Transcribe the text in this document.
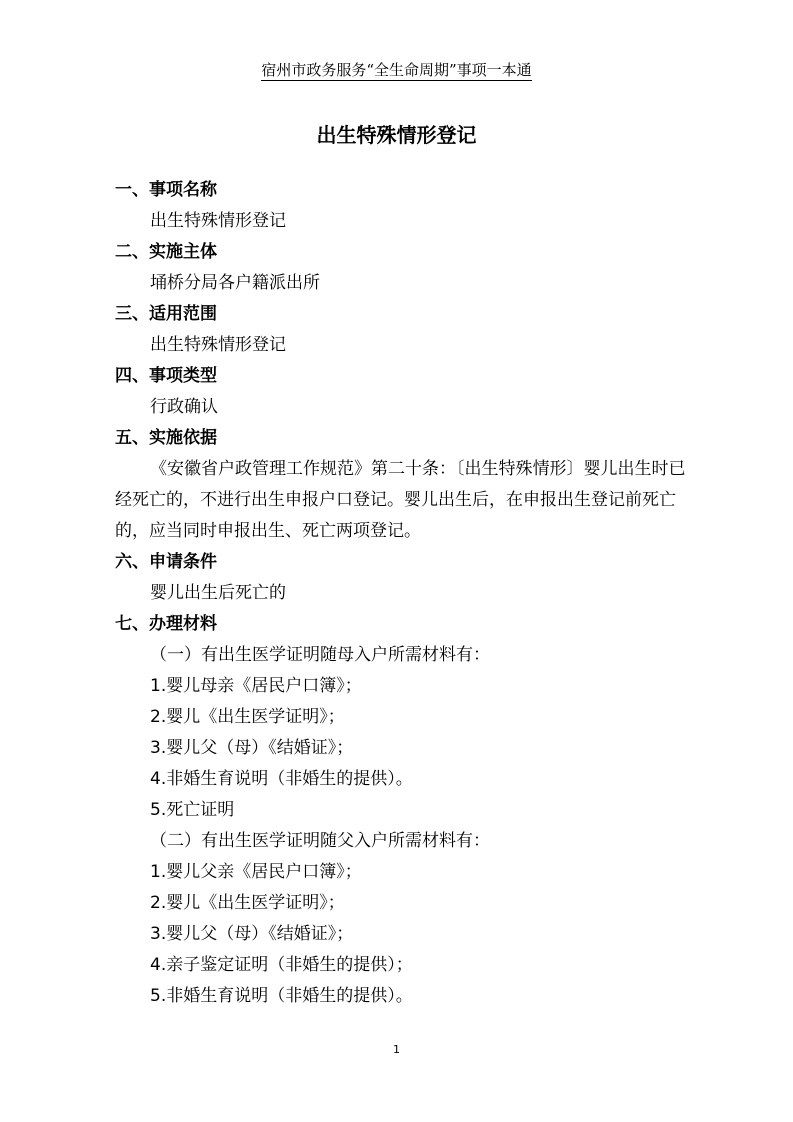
宿州市政务服务“全生命周期”事项一本通
出生特殊情形登记
一、事项名称
出生特殊情形登记
二、实施主体
埇桥分局各户籍派出所
三、适用范围
出生特殊情形登记
四、事项类型
行政确认
五、实施依据
《安徽省户政管理工作规范》第二十条：〔出生特殊情形〕婴儿出生时已经死亡的，不进行出生申报户口登记。婴儿出生后，在申报出生登记前死亡的，应当同时申报出生、死亡两项登记。
六、申请条件
婴儿出生后死亡的
七、办理材料
（一）有出生医学证明随母入户所需材料有：
1.婴儿母亲《居民户口簿》；
2.婴儿《出生医学证明》；
3.婴儿父（母）《结婚证》；
4.非婚生育说明（非婚生的提供）。
5.死亡证明
（二）有出生医学证明随父入户所需材料有：
1.婴儿父亲《居民户口簿》；
2.婴儿《出生医学证明》；
3.婴儿父（母）《结婚证》；
4.亲子鉴定证明（非婚生的提供）；
5.非婚生育说明（非婚生的提供）。
1
